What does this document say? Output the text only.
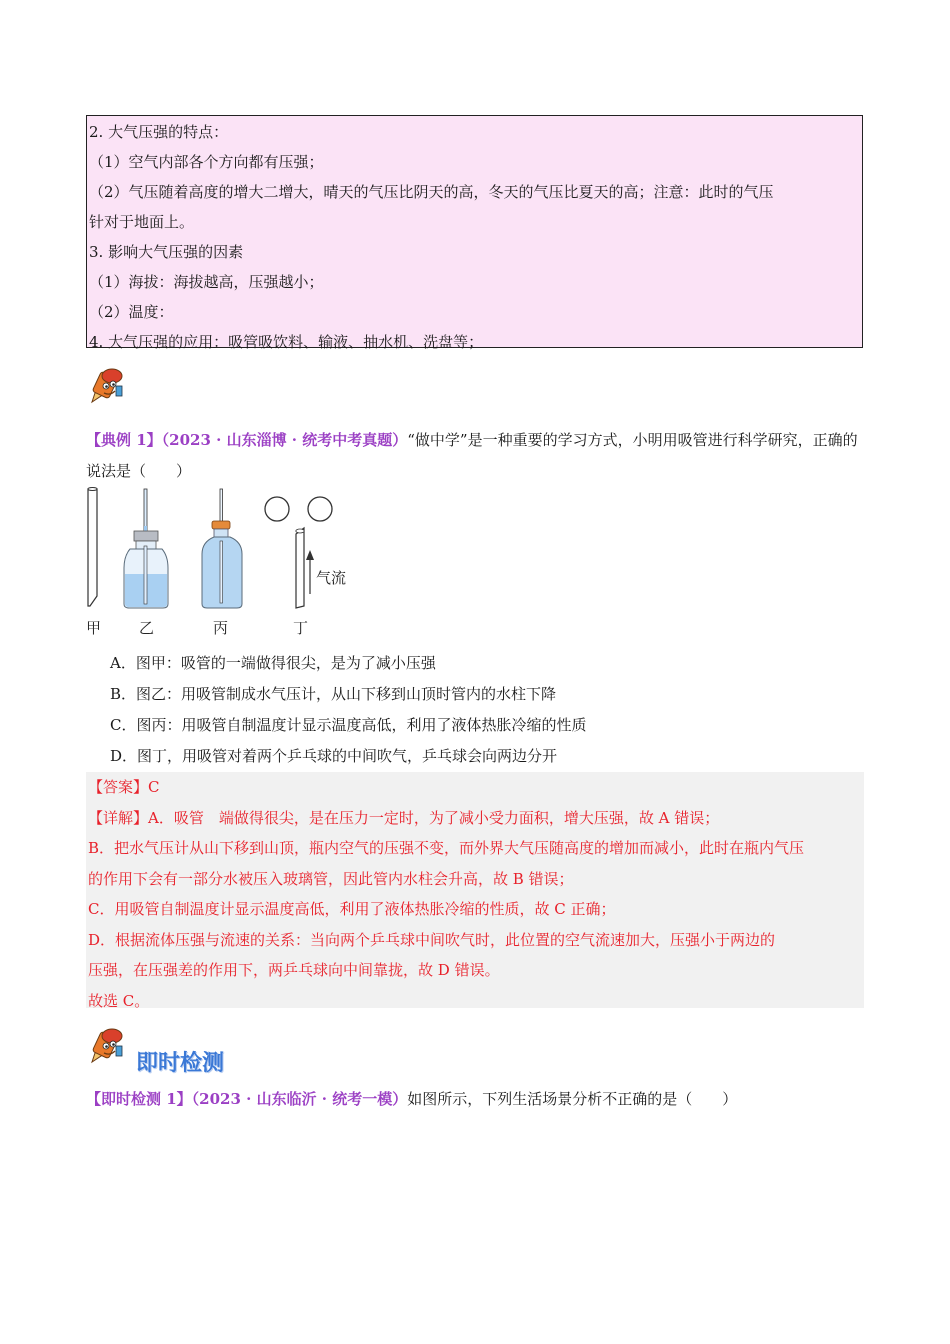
2. 大气压强的特点：
（1）空气内部各个方向都有压强；
（2）气压随着高度的增大二增大，晴天的气压比阴天的高，冬天的气压比夏天的高；注意：此时的气压
针对于地面上。
3. 影响大气压强的因素
（1）海拔：海拔越高，压强越小；
（2）温度：
4. 大气压强的应用：吸管吸饮料、输液、抽水机、洗盘等；
【典例 1】（2023 · 山东淄博 · 统考中考真题）“做中学”是一种重要的学习方式，小明用吸管进行科学研究，正确的说法是（　　）
气流
甲	乙	丙	丁
A．图甲：吸管的一端做得很尖，是为了减小压强
B．图乙：用吸管制成水气压计，从山下移到山顶时管内的水柱下降
C．图丙：用吸管自制温度计显示温度高低，利用了液体热胀冷缩的性质
D．图丁，用吸管对着两个乒乓球的中间吹气，乒乓球会向两边分开
【答案】C
【详解】A．吸管　端做得很尖，是在压力一定时，为了减小受力面积，增大压强，故 A 错误；
B．把水气压计从山下移到山顶，瓶内空气的压强不变，而外界大气压随高度的增加而减小，此时在瓶内气压
的作用下会有一部分水被压入玻璃管，因此管内水柱会升高，故 B 错误；
C．用吸管自制温度计显示温度高低，利用了液体热胀冷缩的性质，故 C 正确；
D．根据流体压强与流速的关系：当向两个乒乓球中间吹气时，此位置的空气流速加大，压强小于两边的
压强，在压强差的作用下，两乒乓球向中间靠拢，故 D 错误。
故选 C。
即时检测
【即时检测 1】（2023 · 山东临沂 · 统考一模）如图所示，下列生活场景分析不正确的是（　　）
